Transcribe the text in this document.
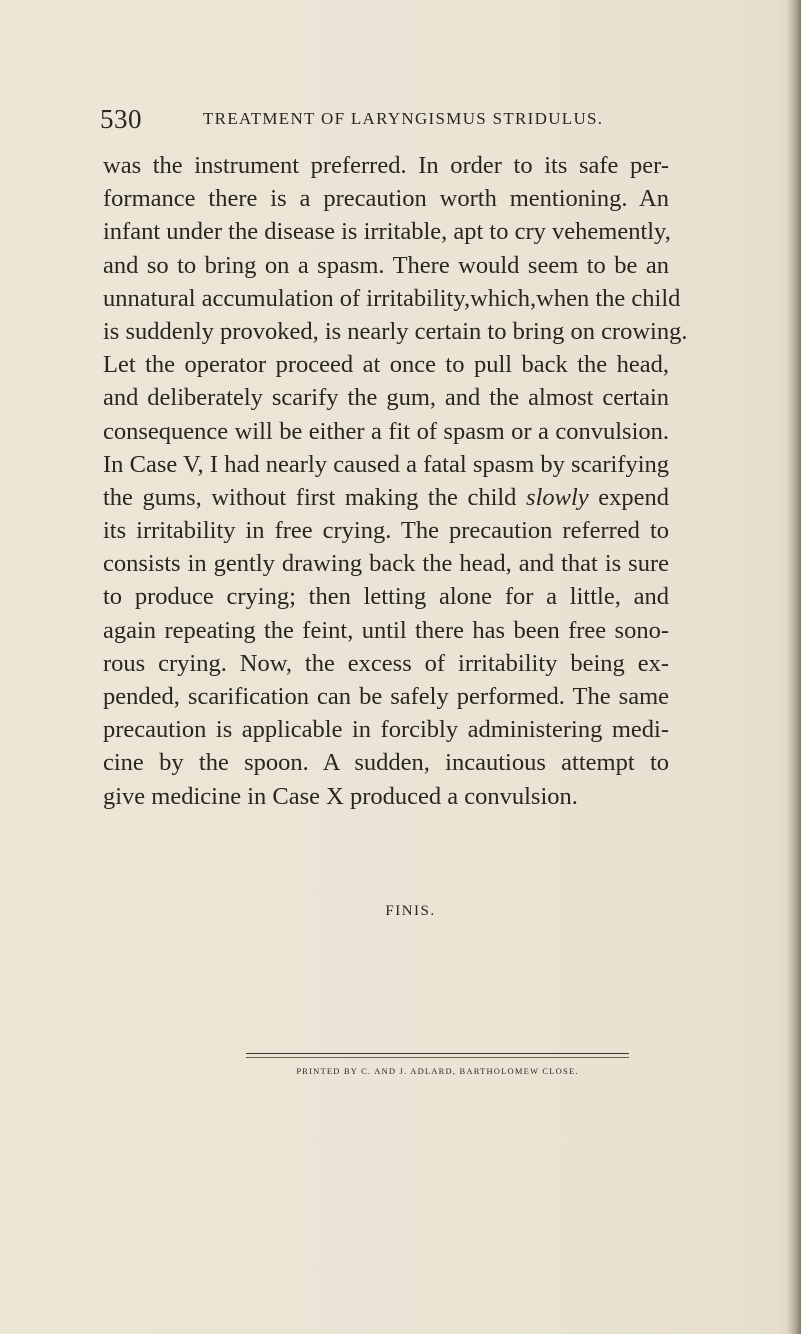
530	TREATMENT OF LARYNGISMUS STRIDULUS.
was the instrument preferred. In order to its safe per-
formance there is a precaution worth mentioning. An
infant under the disease is irritable, apt to cry vehemently,
and so to bring on a spasm. There would seem to be an
unnatural accumulation of irritability,which,when the child
is suddenly provoked, is nearly certain to bring on crowing.
Let the operator proceed at once to pull back the head,
and deliberately scarify the gum, and the almost certain
consequence will be either a fit of spasm or a convulsion.
In Case V, I had nearly caused a fatal spasm by scarifying
the gums, without first making the child slowly expend
its irritability in free crying. The precaution referred to
consists in gently drawing back the head, and that is sure
to produce crying; then letting alone for a little, and
again repeating the feint, until there has been free sono-
rous crying. Now, the excess of irritability being ex-
pended, scarification can be safely performed. The same
precaution is applicable in forcibly administering medi-
cine by the spoon. A sudden, incautious attempt to
give medicine in Case X produced a convulsion.
FINIS.
PRINTED BY C. AND J. ADLARD, BARTHOLOMEW CLOSE.
